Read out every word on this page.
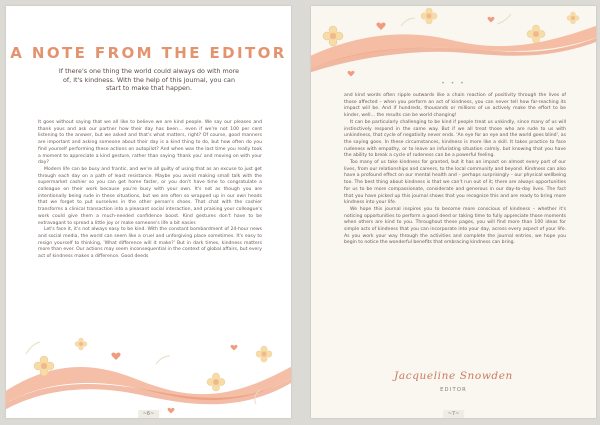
A NOTE FROM THE EDITOR

If there's one thing the world could always do with more of, it's kindness. With the help of this journal, you can start to make that happen.

It goes without saying that we all like to believe we are kind people. We say our pleases and thank yous and ask our partner how their day has been… even if we're not 100 per cent listening to the answer, but we asked and that's what matters, right? Of course, good manners are important and asking someone about their day is a kind thing to do, but how often do you find yourself performing these actions on autopilot? And when was the last time you really took a moment to appreciate a kind gesture, rather than saying 'thank you' and moving on with your day?

Modern life can be busy and frantic, and we're all guilty of using that as an excuse to just get through each day on a path of least resistance. Maybe you avoid making small talk with the supermarket cashier so you can get home faster, or you don't have time to congratulate a colleague on their work because you're busy with your own. It's not as though you are intentionally being rude in these situations, but we are often so wrapped up in our own heads that we forget to put ourselves in the other person's shoes. That chat with the cashier transforms a clinical transaction into a pleasant social interaction, and praising your colleague's work could give them a much-needed confidence boost. Kind gestures don't have to be extravagant to spread a little joy or make someone's life a bit easier.

Let's face it, it's not always easy to be kind. With the constant bombardment of 24-hour news and social media, the world can seem like a cruel and unforgiving place sometimes. It's easy to resign yourself to thinking, 'What difference will it make?' But in dark times, kindness matters more than ever. Our actions may seem inconsequential in the context of global affairs, but every act of kindness makes a difference. Good deeds

~6~
• • •

and kind words often ripple outwards like a chain reaction of positivity through the lives of those affected – when you perform an act of kindness, you can never tell how far-reaching its impact will be. And if hundreds, thousands or millions of us actively make the effort to be kinder, well… the results can be world changing!

It can be particularly challenging to be kind if people treat us unkindly, since many of us will instinctively respond in the same way. But if we all treat those who are rude to us with unkindness, that cycle of negativity never ends. 'An eye for an eye and the world goes blind', as the saying goes. In these circumstances, kindness is more like a skill. It takes practice to face rudeness with empathy, or to leave an infuriating situation calmly, but knowing that you have the ability to break a cycle of rudeness can be a powerful feeling.

Too many of us take kindness for granted, but it has an impact on almost every part of our lives, from our relationships and careers, to the local community and beyond. Kindness can also have a profound effect on our mental health and – perhaps surprisingly – our physical wellbeing too. The best thing about kindness is that we can't run out of it; there are always opportunities for us to be more compassionate, considerate and generous in our day-to-day lives. The fact that you have picked up this journal shows that you recognize this and are ready to bring more kindness into your life.

We hope this journal inspires you to become more conscious of kindness – whether it's noticing opportunities to perform a good deed or taking time to fully appreciate those moments when others are kind to you. Throughout these pages, you will find more than 100 ideas for simple acts of kindness that you can incorporate into your day, across every aspect of your life. As you work your way through the activities and complete the journal entries, we hope you begin to notice the wonderful benefits that embracing kindness can bring.

Jacqueline Snowden
EDITOR
~7~
